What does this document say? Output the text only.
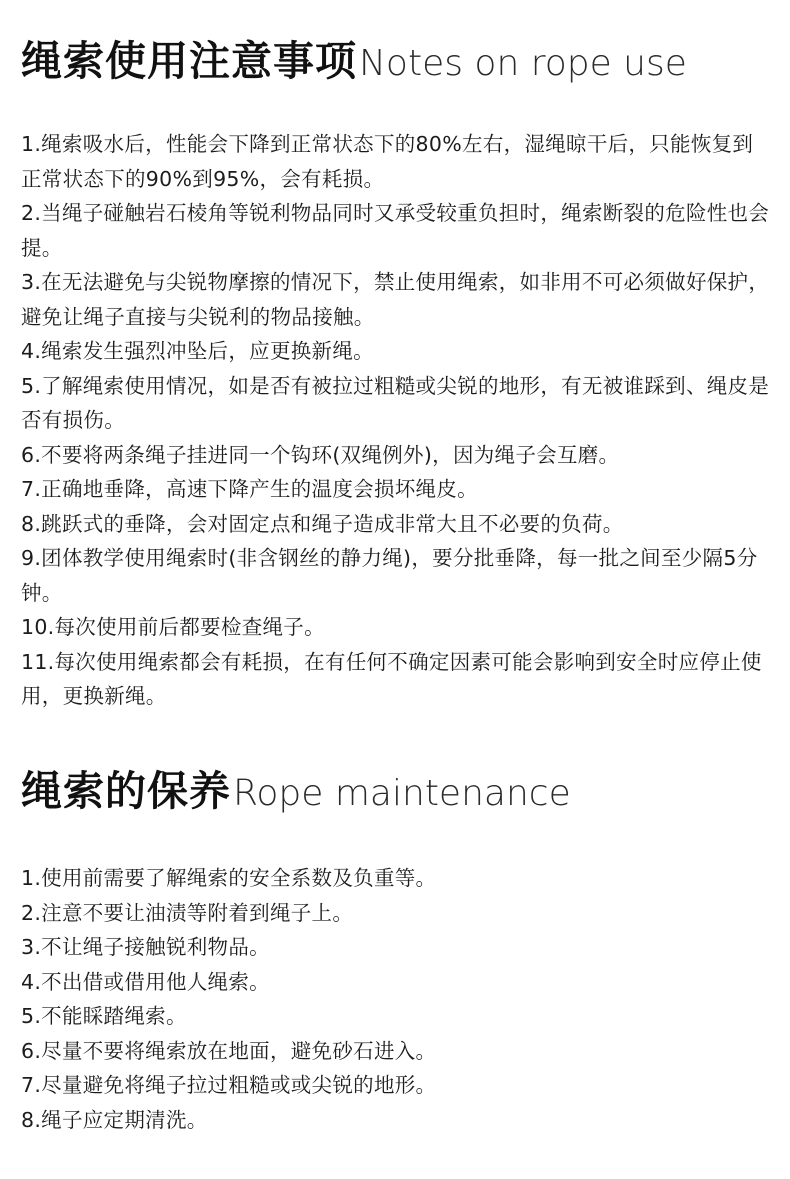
绳索使用注意事项 Notes on rope use
1.绳索吸水后，性能会下降到正常状态下的80%左右，湿绳晾干后，只能恢复到正常状态下的90%到95%，会有耗损。
2.当绳子碰触岩石棱角等锐利物品同时又承受较重负担时，绳索断裂的危险性也会提。
3.在无法避免与尖锐物摩擦的情况下，禁止使用绳索，如非用不可必须做好保护，避免让绳子直接与尖锐利的物品接触。
4.绳索发生强烈冲坠后，应更换新绳。
5.了解绳索使用情况，如是否有被拉过粗糙或尖锐的地形，有无被谁踩到、绳皮是否有损伤。
6.不要将两条绳子挂进同一个钩环(双绳例外)，因为绳子会互磨。
7.正确地垂降，高速下降产生的温度会损坏绳皮。
8.跳跃式的垂降，会对固定点和绳子造成非常大且不必要的负荷。
9.团体教学使用绳索时(非含钢丝的静力绳)，要分批垂降，每一批之间至少隔5分钟。
10.每次使用前后都要检查绳子。
11.每次使用绳索都会有耗损，在有任何不确定因素可能会影响到安全时应停止使用，更换新绳。
绳索的保养 Rope maintenance
1.使用前需要了解绳索的安全系数及负重等。
2.注意不要让油渍等附着到绳子上。
3.不让绳子接触锐利物品。
4.不出借或借用他人绳索。
5.不能睬踏绳索。
6.尽量不要将绳索放在地面，避免砂石进入。
7.尽量避免将绳子拉过粗糙或或尖锐的地形。
8.绳子应定期清洗。
